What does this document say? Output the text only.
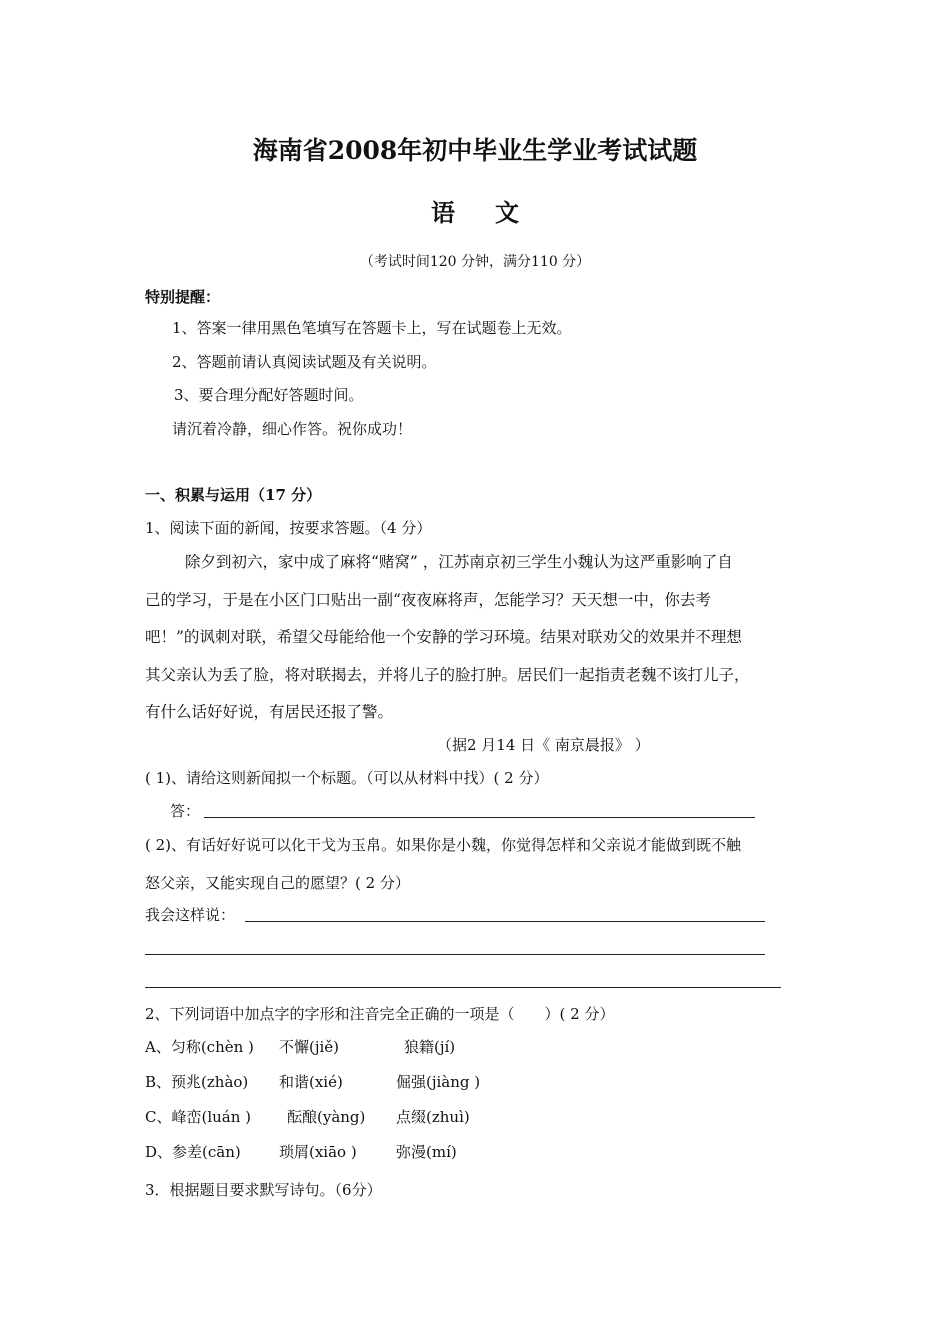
海南省2008年初中毕业生学业考试试题
语文
（考试时间120 分钟，满分110 分）
特别提醒：
1、答案一律用黑色笔填写在答题卡上，写在试题卷上无效。
2、答题前请认真阅读试题及有关说明。
3、要合理分配好答题时间。
请沉着冷静，细心作答。祝你成功！
一、积累与运用（17 分）
1、阅读下面的新闻，按要求答题。（4 分）
除夕到初六，家中成了麻将“赌窝” ，江苏南京初三学生小魏认为这严重影响了自
己的学习，于是在小区门口贴出一副“夜夜麻将声，怎能学习？天天想一中，你去考
吧！”的讽刺对联，希望父母能给他一个安静的学习环境。结果对联劝父的效果并不理想
其父亲认为丢了脸，将对联揭去，并将儿子的脸打肿。居民们一起指责老魏不该打儿子，
有什么话好好说，有居民还报了警。
（据2 月14 日《 南京晨报》 ）
( 1)、请给这则新闻拟一个标题。（可以从材料中找）( 2 分）
答：
( 2)、有话好好说可以化干戈为玉帛。如果你是小魏，你觉得怎样和父亲说才能做到既不触
怒父亲，又能实现自己的愿望？( 2 分）
我会这样说：
2、下列词语中加点字的字形和注音完全正确的一项是（　　）( 2 分）
A、匀称(chèn ) 不懈(jiě)	狼籍(jí)
B、预兆(zhào) 和谐(xié)	倔强(jiàng )
C、峰峦(luán ) 酝酿(yàng) 点缀(zhuì)
D、参差(cān)	琐屑(xiāo )	弥漫(mí)
3．根据题目要求默写诗句。（6分）
